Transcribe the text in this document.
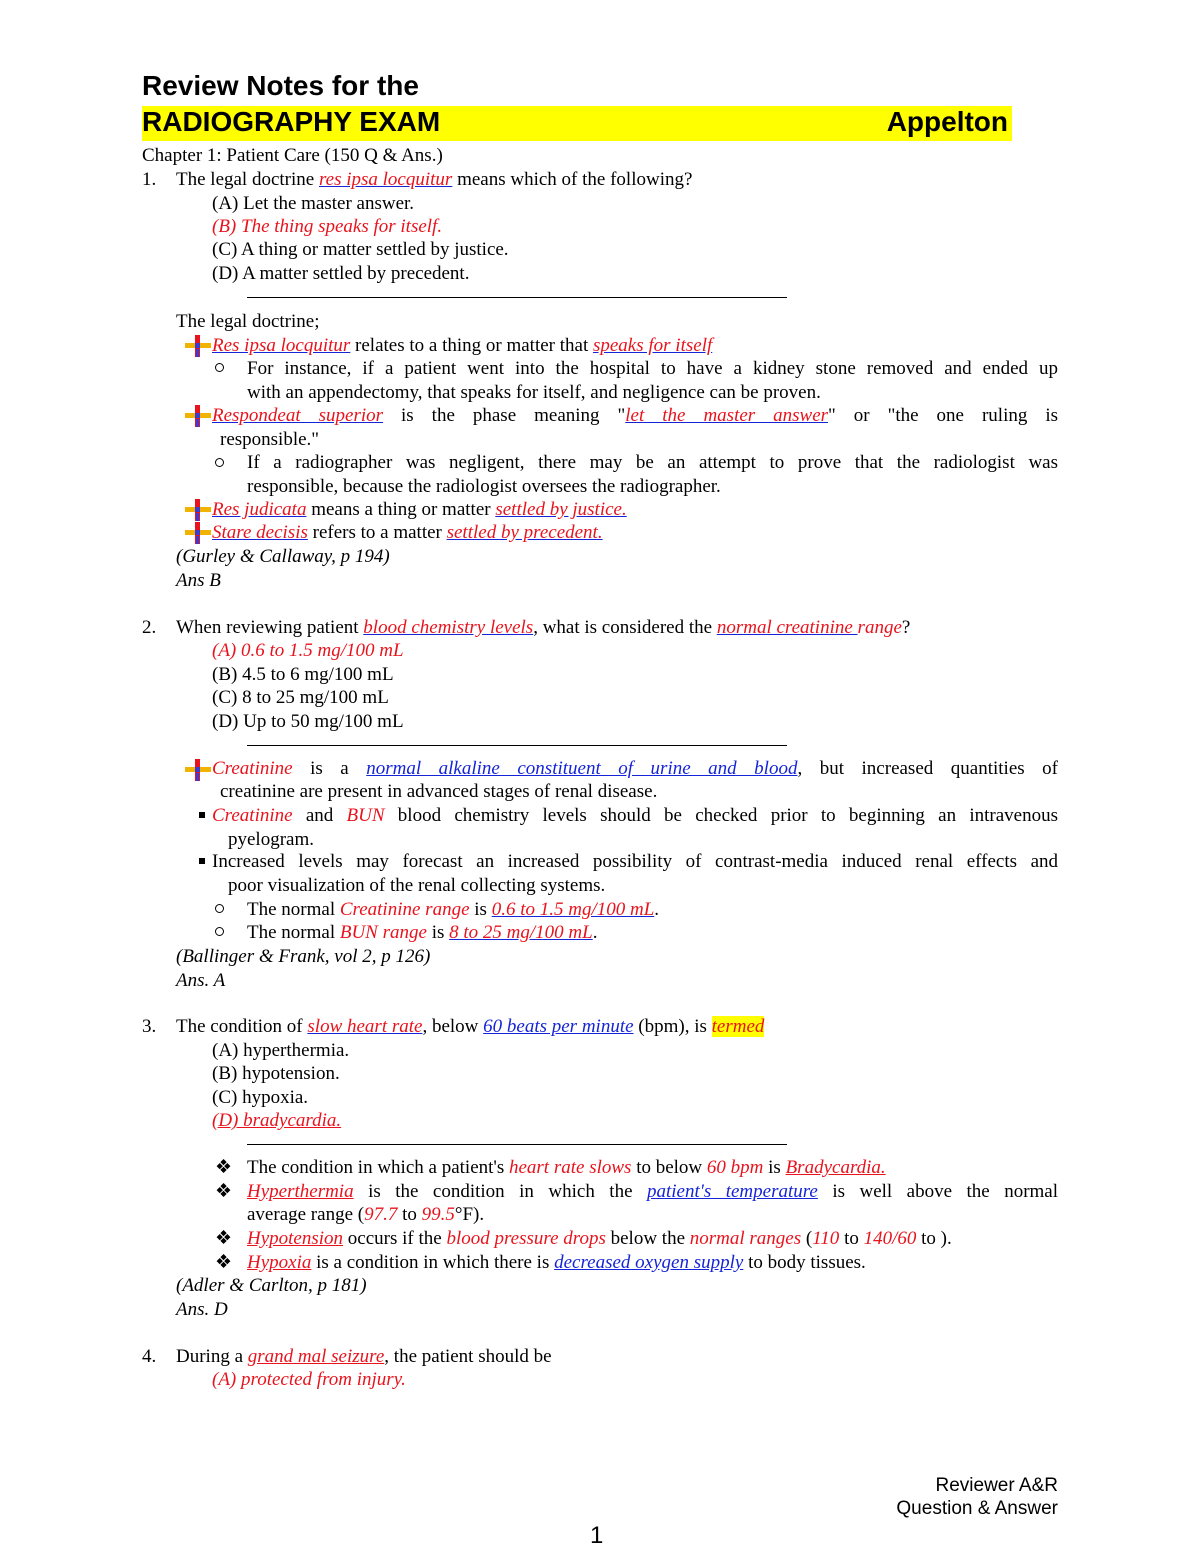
Review Notes for the
RADIOGRAPHY EXAM	Appelton
Chapter 1: Patient Care (150 Q & Ans.)
1. The legal doctrine res ipsa locquitur means which of the following?
(A) Let the master answer.
(B) The thing speaks for itself.
(C) A thing or matter settled by justice.
(D) A matter settled by precedent.
The legal doctrine;
Res ipsa locquitur relates to a thing or matter that speaks for itself
For instance, if a patient went into the hospital to have a kidney stone removed and ended up
with an appendectomy, that speaks for itself, and negligence can be proven.
Respondeat superior is the phase meaning "let the master answer" or "the one ruling is
responsible."
If a radiographer was negligent, there may be an attempt to prove that the radiologist was
responsible, because the radiologist oversees the radiographer.
Res judicata means a thing or matter settled by justice.
Stare decisis refers to a matter settled by precedent.
(Gurley & Callaway, p 194)
Ans B
2. When reviewing patient blood chemistry levels, what is considered the normal creatinine range?
(A) 0.6 to 1.5 mg/100 mL
(B) 4.5 to 6 mg/100 mL
(C) 8 to 25 mg/100 mL
(D) Up to 50 mg/100 mL
Creatinine is a normal alkaline constituent of urine and blood, but increased quantities of
creatinine are present in advanced stages of renal disease.
Creatinine and BUN blood chemistry levels should be checked prior to beginning an intravenous
pyelogram.
Increased levels may forecast an increased possibility of contrast-media induced renal effects and
poor visualization of the renal collecting systems.
The normal Creatinine range is 0.6 to 1.5 mg/100 mL.
The normal BUN range is 8 to 25 mg/100 mL.
(Ballinger & Frank, vol 2, p 126)
Ans. A
3. The condition of slow heart rate, below 60 beats per minute (bpm), is termed
(A) hyperthermia.
(B) hypotension.
(C) hypoxia.
(D) bradycardia.
❖ The condition in which a patient's heart rate slows to below 60 bpm is Bradycardia.
❖ Hyperthermia is the condition in which the patient's temperature is well above the normal
average range (97.7 to 99.5°F).
❖ Hypotension occurs if the blood pressure drops below the normal ranges (110 to 140/60 to ).
❖ Hypoxia is a condition in which there is decreased oxygen supply to body tissues.
(Adler & Carlton, p 181)
Ans. D
4. During a grand mal seizure, the patient should be
(A) protected from injury.
Reviewer A&R
Question & Answer
1
